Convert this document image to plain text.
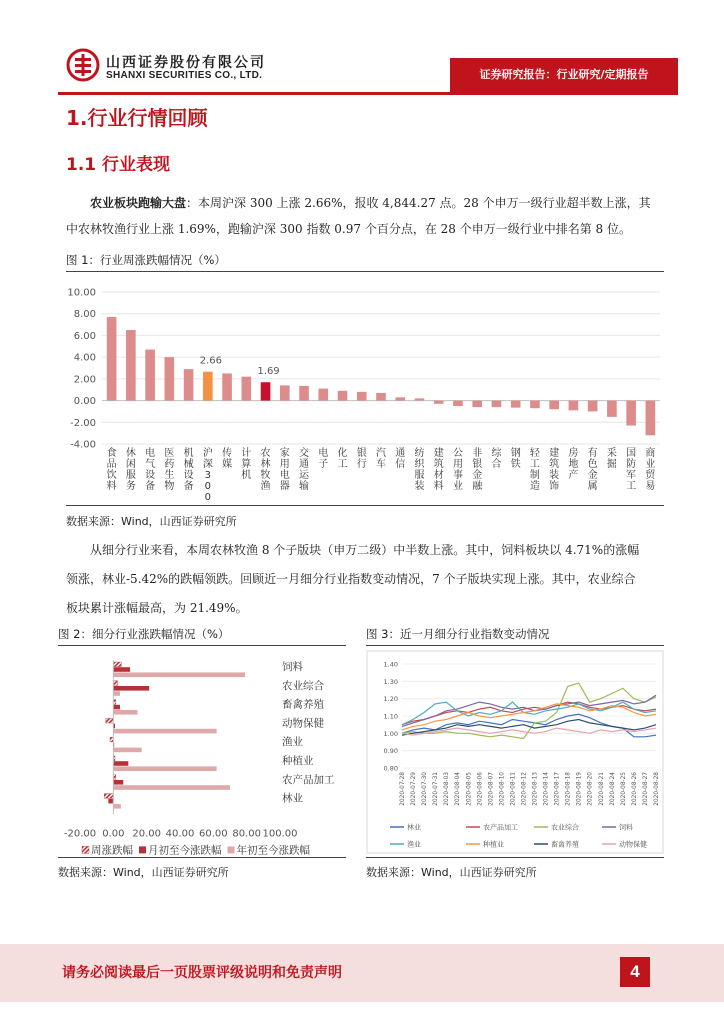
山西证券股份有限公司
SHANXI SECURITIES CO., LTD.	证券研究报告：行业研究/定期报告
1.行业行情回顾
1.1 行业表现
农业板块跑输大盘：本周沪深 300 上涨 2.66%，报收 4,844.27 点。28 个申万一级行业超半数上涨，其
中农林牧渔行业上涨 1.69%，跑输沪深 300 指数 0.97 个百分点，在 28 个申万一级行业中排名第 8 位。
图 1：行业周涨跌幅情况（%）
10.00
8.00
6.00
4.00
2.00
0.00
-2.00
-4.00
食品饮料
休闲服务
电气设备
医药生物
机械设备
沪深 3 0 0
传媒
计算机
农林牧渔
家用电器
交通运输
电子
化工
银行
汽车
通信
纺织服装
建筑材料
公用事业
非银金融
综合
钢铁
轻工制造
建筑装饰
房地产
有色金属
采掘
国防军工
商业贸易
2.66
1.69
数据来源：Wind，山西证券研究所
从细分行业来看，本周农林牧渔 8 个子版块（申万二级）中半数上涨。其中，饲料板块以 4.71%的涨幅
领涨，林业-5.42%的跌幅领跌。回顾近一月细分行业指数变动情况，7 个子版块实现上涨。其中，农业综合
板块累计涨幅最高，为 21.49%。
图 2：细分行业涨跌幅情况（%）
饲料
农业综合
畜禽养殖
动物保健
渔业
种植业
农产品加工
林业
-20.00 0.00 20.00 40.00 60.00 80.00 100.00
周涨跌幅 月初至今涨跌幅 年初至今涨跌幅
数据来源：Wind，山西证券研究所
图 3：近一月细分行业指数变动情况
1.40
1.30
1.20
1.10
1.00
0.90
0.80
2020-07-28 2020-07-29 2020-07-30 2020-07-31 2020-08-03 2020-08-04 2020-08-05 2020-08-06 2020-08-07 2020-08-10 2020-08-11 2020-08-12 2020-08-13 2020-08-14 2020-08-17 2020-08-18 2020-08-19 2020-08-20 2020-08-21 2020-08-24 2020-08-25 2020-08-26 2020-08-27 2020-08-28
林业	农产品加工	农业综合	饲料
渔业	种植业	畜禽养殖	动物保健
数据来源：Wind，山西证券研究所
请务必阅读最后一页股票评级说明和免责声明	4
